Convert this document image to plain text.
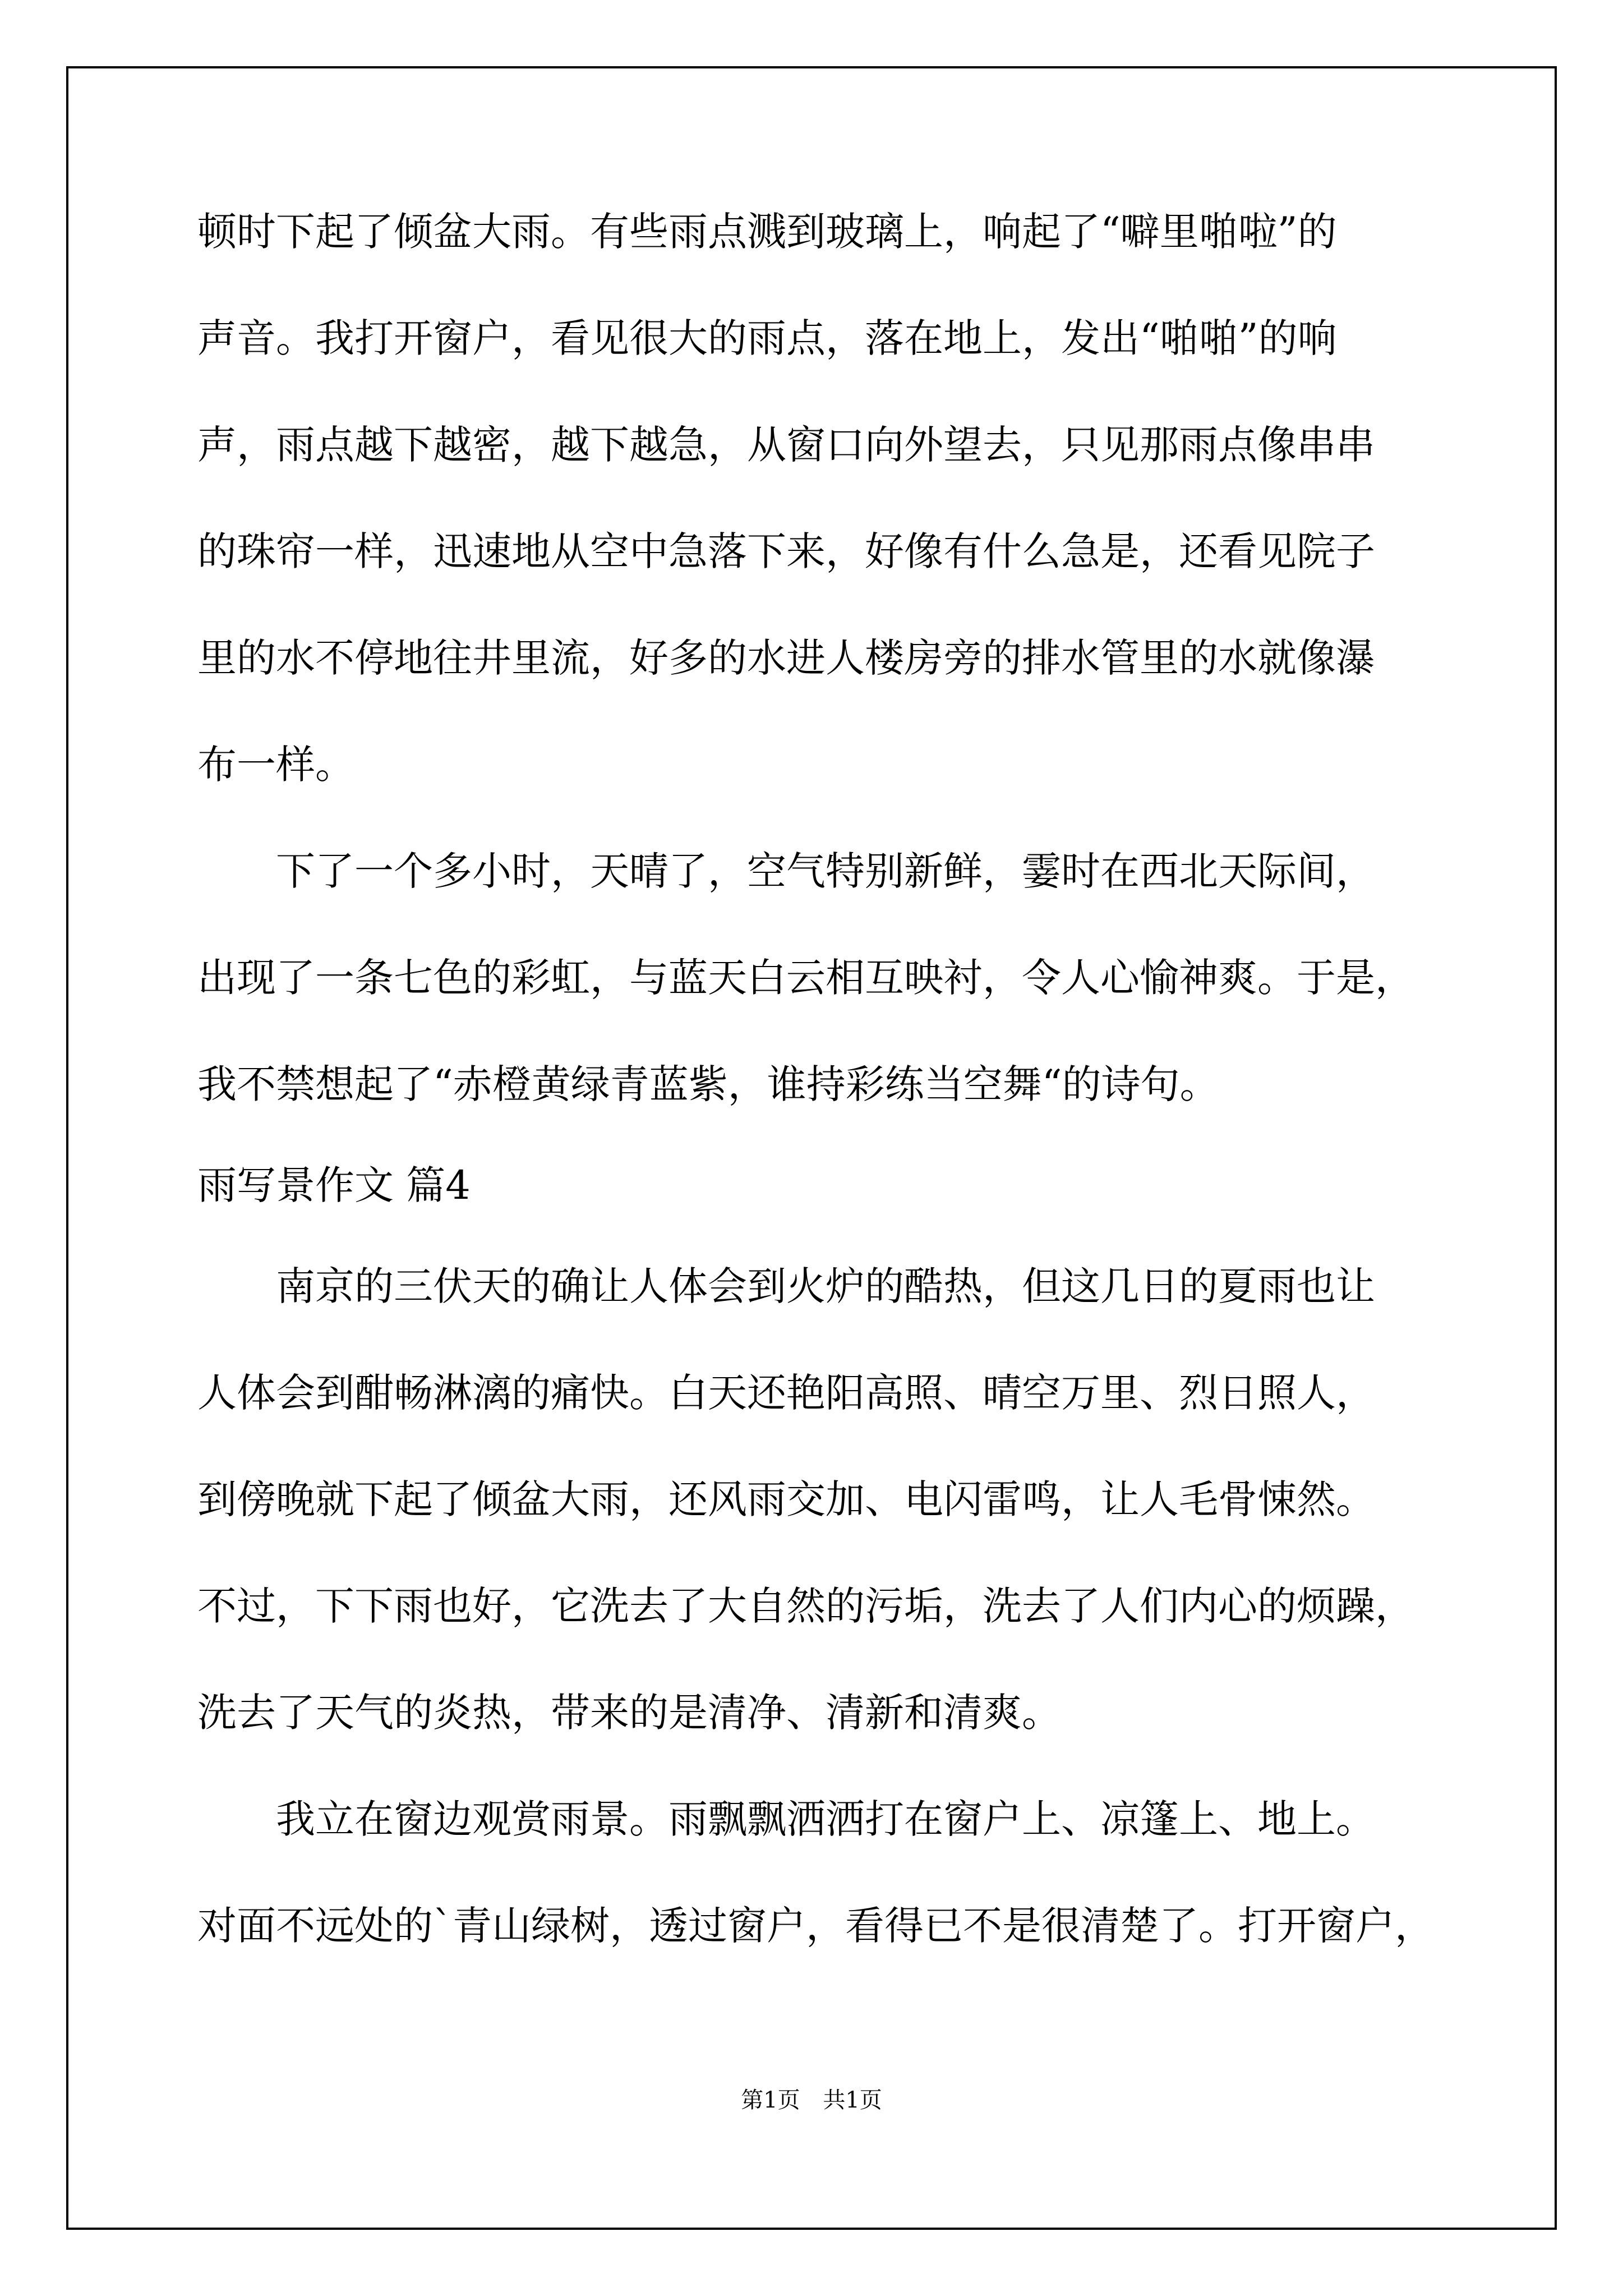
顿时下起了倾盆大雨。有些雨点溅到玻璃上，响起了“噼里啪啦”的
声音。我打开窗户，看见很大的雨点，落在地上，发出“啪啪”的响
声，雨点越下越密，越下越急，从窗口向外望去，只见那雨点像串串
的珠帘一样，迅速地从空中急落下来，好像有什么急是，还看见院子
里的水不停地往井里流，好多的水进人楼房旁的排水管里的水就像瀑
布一样。
　　下了一个多小时，天晴了，空气特别新鲜，霎时在西北天际间，
出现了一条七色的彩虹，与蓝天白云相互映衬，令人心愉神爽。于是，
我不禁想起了“赤橙黄绿青蓝紫，谁持彩练当空舞“的诗句。
雨写景作文 篇4
　　南京的三伏天的确让人体会到火炉的酷热，但这几日的夏雨也让
人体会到酣畅淋漓的痛快。白天还艳阳高照、晴空万里、烈日照人，
到傍晚就下起了倾盆大雨，还风雨交加、电闪雷鸣，让人毛骨悚然。
不过，下下雨也好，它洗去了大自然的污垢，洗去了人们内心的烦躁，
洗去了天气的炎热，带来的是清净、清新和清爽。
　　我立在窗边观赏雨景。雨飘飘洒洒打在窗户上、凉篷上、地上。
对面不远处的`青山绿树，透过窗户，看得已不是很清楚了。打开窗户，
第1页 共1页
